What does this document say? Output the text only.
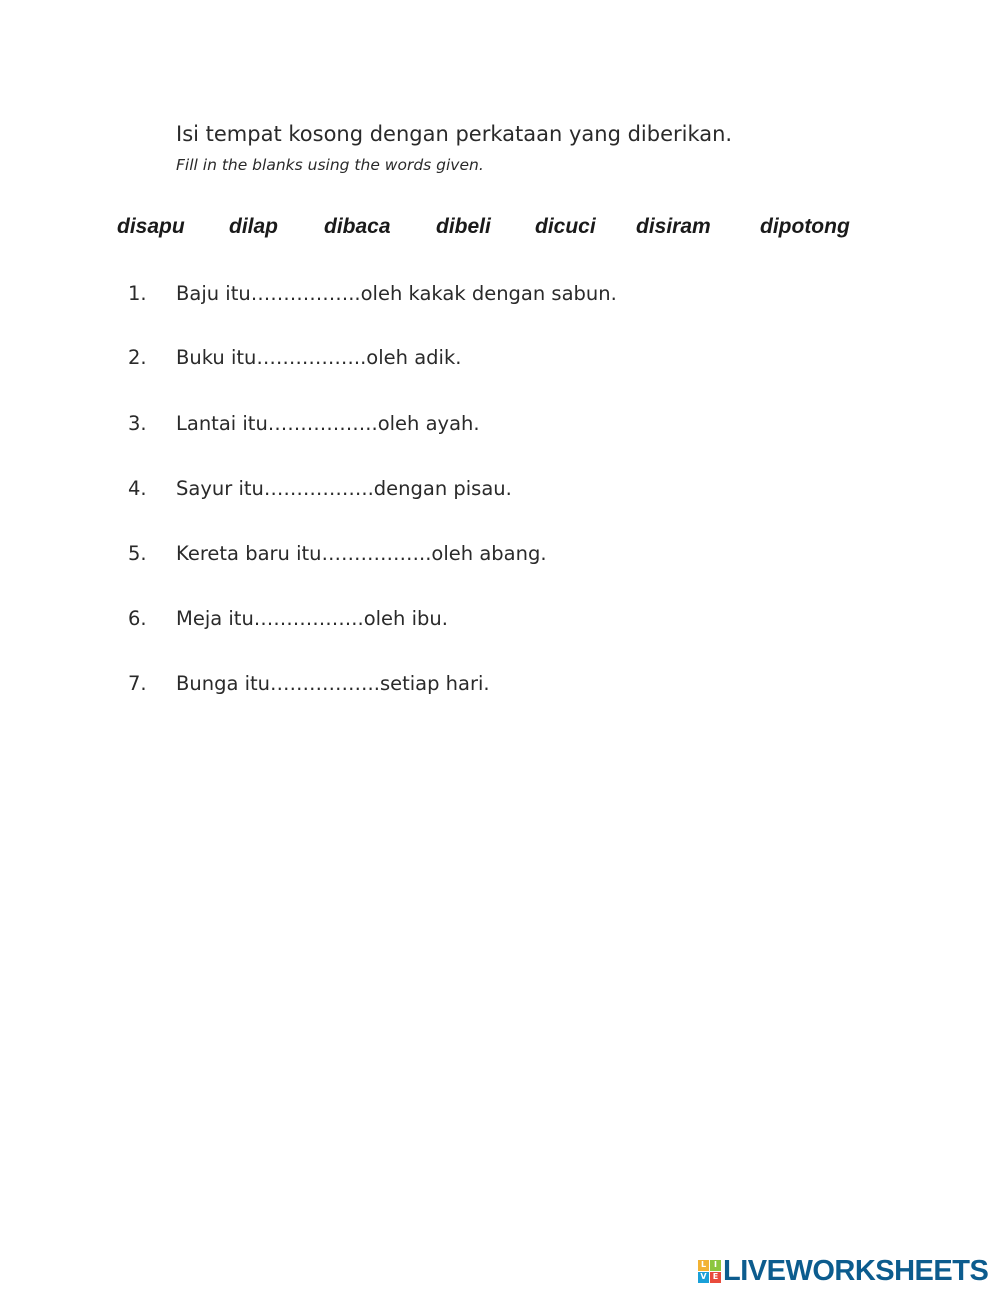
Isi tempat kosong dengan perkataan yang diberikan.
Fill in the blanks using the words given.
disapu dilap dibaca dibeli dicuci disiram dipotong
1. Baju itu……………..oleh kakak dengan sabun.
2. Buku itu……………..oleh adik.
3. Lantai itu……………..oleh ayah.
4. Sayur itu……………..dengan pisau.
5. Kereta baru itu……………..oleh abang.
6. Meja itu……………..oleh ibu.
7. Bunga itu……………..setiap hari.
L I
V E LIVEWORKSHEETS
